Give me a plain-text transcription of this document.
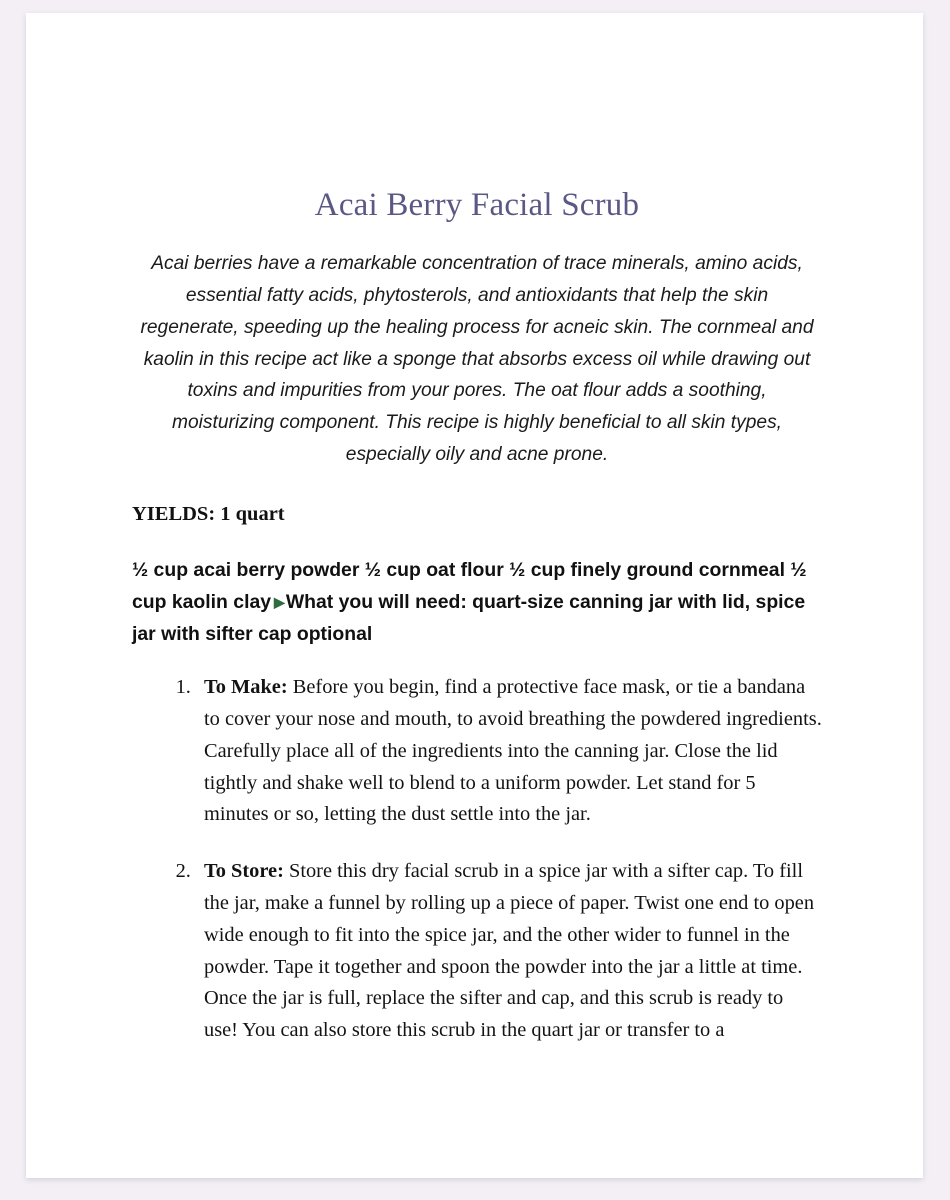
Acai Berry Facial Scrub

Acai berries have a remarkable concentration of trace minerals, amino acids, essential fatty acids, phytosterols, and antioxidants that help the skin regenerate, speeding up the healing process for acneic skin. The cornmeal and kaolin in this recipe act like a sponge that absorbs excess oil while drawing out toxins and impurities from your pores. The oat flour adds a soothing, moisturizing component. This recipe is highly beneficial to all skin types, especially oily and acne prone.

YIELDS: 1 quart

½ cup acai berry powder ½ cup oat flour ½ cup finely ground cornmeal ½ cup kaolin clay ▶What you will need: quart-size canning jar with lid, spice jar with sifter cap optional

1. To Make: Before you begin, find a protective face mask, or tie a bandana to cover your nose and mouth, to avoid breathing the powdered ingredients. Carefully place all of the ingredients into the canning jar. Close the lid tightly and shake well to blend to a uniform powder. Let stand for 5 minutes or so, letting the dust settle into the jar.
2. To Store: Store this dry facial scrub in a spice jar with a sifter cap. To fill the jar, make a funnel by rolling up a piece of paper. Twist one end to open wide enough to fit into the spice jar, and the other wider to funnel in the powder. Tape it together and spoon the powder into the jar a little at time. Once the jar is full, replace the sifter and cap, and this scrub is ready to use! You can also store this scrub in the quart jar or transfer to a
